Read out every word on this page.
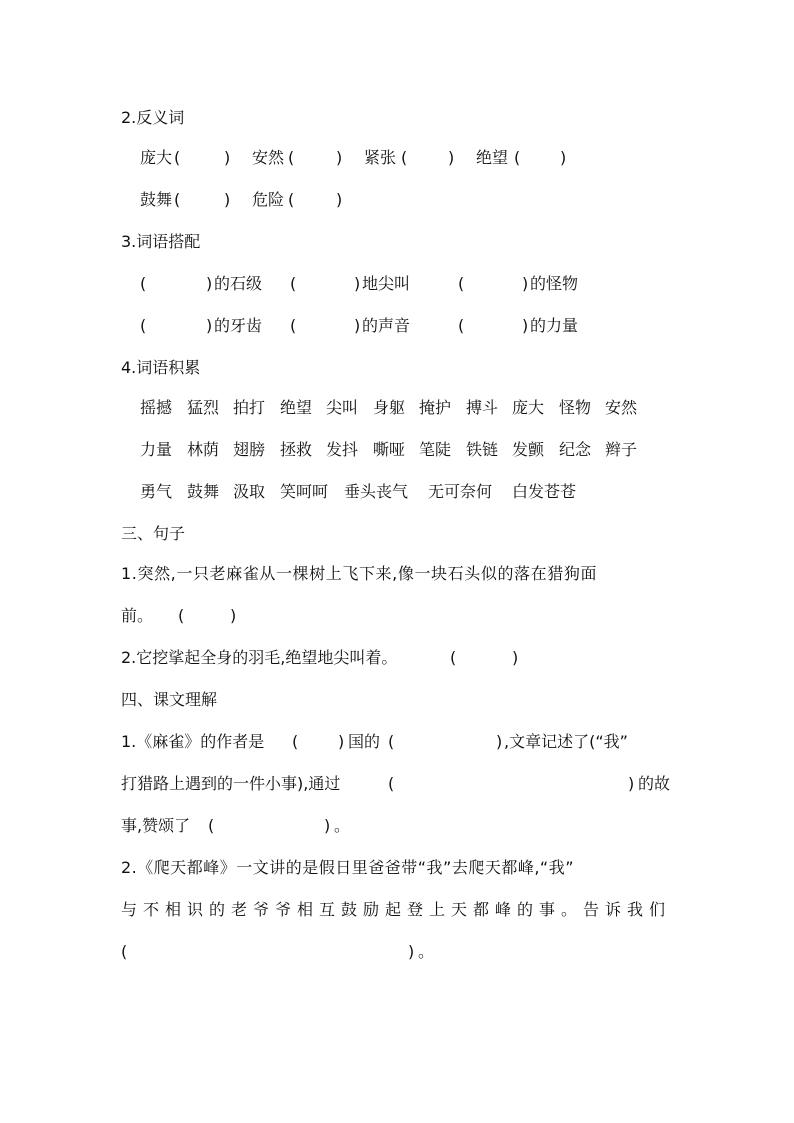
2.反义词
庞大 (	) 安然 (	) 紧张 (	) 绝望 ( )
鼓舞 (	) 危险 (	)
3.词语搭配
(	) 的石级 (	) 地尖叫	(	) 的怪物
(	) 的牙齿 (	) 的声音	(	) 的力量
4.词语积累
摇撼 猛烈 拍打 绝望 尖叫 身躯 掩护 搏斗 庞大 怪物 安然
力量 林荫 翅膀 拯救 发抖 嘶哑 笔陡 铁链 发颤 纪念 辫子
勇气 鼓舞 汲取 笑呵呵 垂头丧气 无可奈何 白发苍苍
三、句子
1.突然,一只老麻雀从一棵树上飞下来,像一块石头似的落在猎狗面
前。 (	)
2.它挖挲起全身的羽毛,绝望地尖叫着。	(	)
四、课文理解
1.《麻雀》的作者是 ( ) 国的 (	) ,文章记述了(“我”
打猎路上遇到的一件小事),通过	(	) 的故
事,赞颂了 (	) 。
2.《爬天都峰》一文讲的是假日里爸爸带“我”去爬天都峰,“我”
与不相识的老爷爷相互鼓励起登上天都峰的事。告诉我们
(	) 。
